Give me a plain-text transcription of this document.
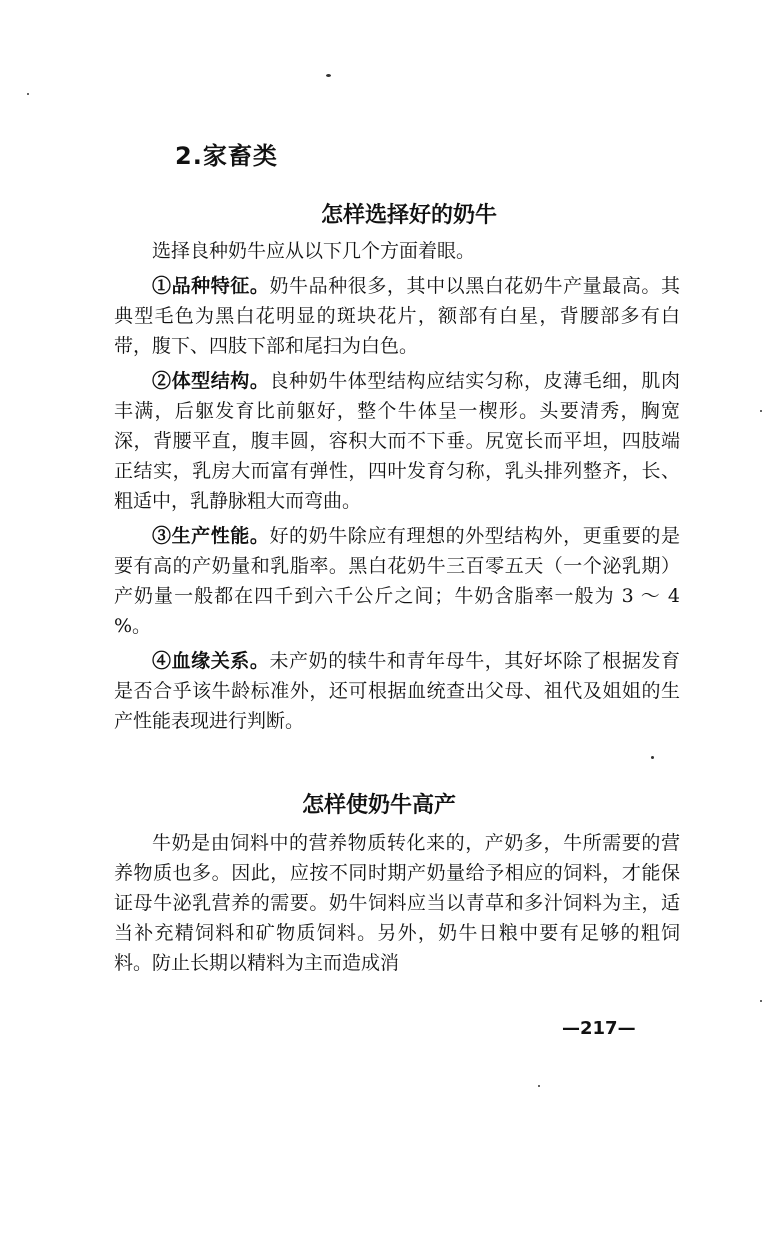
2.家畜类
怎样选择好的奶牛

选择良种奶牛应从以下几个方面着眼。

①品种特征。奶牛品种很多，其中以黑白花奶牛产量最高。其典型毛色为黑白花明显的斑块花片，额部有白星，背腰部多有白带，腹下、四肢下部和尾扫为白色。

②体型结构。良种奶牛体型结构应结实匀称，皮薄毛细，肌肉丰满，后躯发育比前躯好，整个牛体呈一楔形。头要清秀，胸宽深，背腰平直，腹丰圆，容积大而不下垂。尻宽长而平坦，四肢端正结实，乳房大而富有弹性，四叶发育匀称，乳头排列整齐，长、粗适中，乳静脉粗大而弯曲。

③生产性能。好的奶牛除应有理想的外型结构外，更重要的是要有高的产奶量和乳脂率。黑白花奶牛三百零五天（一个泌乳期）产奶量一般都在四千到六千公斤之间；牛奶含脂率一般为 3 ～ 4 %。

④血缘关系。未产奶的犊牛和青年母牛，其好坏除了根据发育是否合乎该牛龄标准外，还可根据血统查出父母、祖代及姐姐的生产性能表现进行判断。

怎样使奶牛高产

牛奶是由饲料中的营养物质转化来的，产奶多，牛所需要的营养物质也多。因此，应按不同时期产奶量给予相应的饲料，才能保证母牛泌乳营养的需要。奶牛饲料应当以青草和多汁饲料为主，适当补充精饲料和矿物质饲料。另外，奶牛日粮中要有足够的粗饲料。防止长期以精料为主而造成消

—217—
